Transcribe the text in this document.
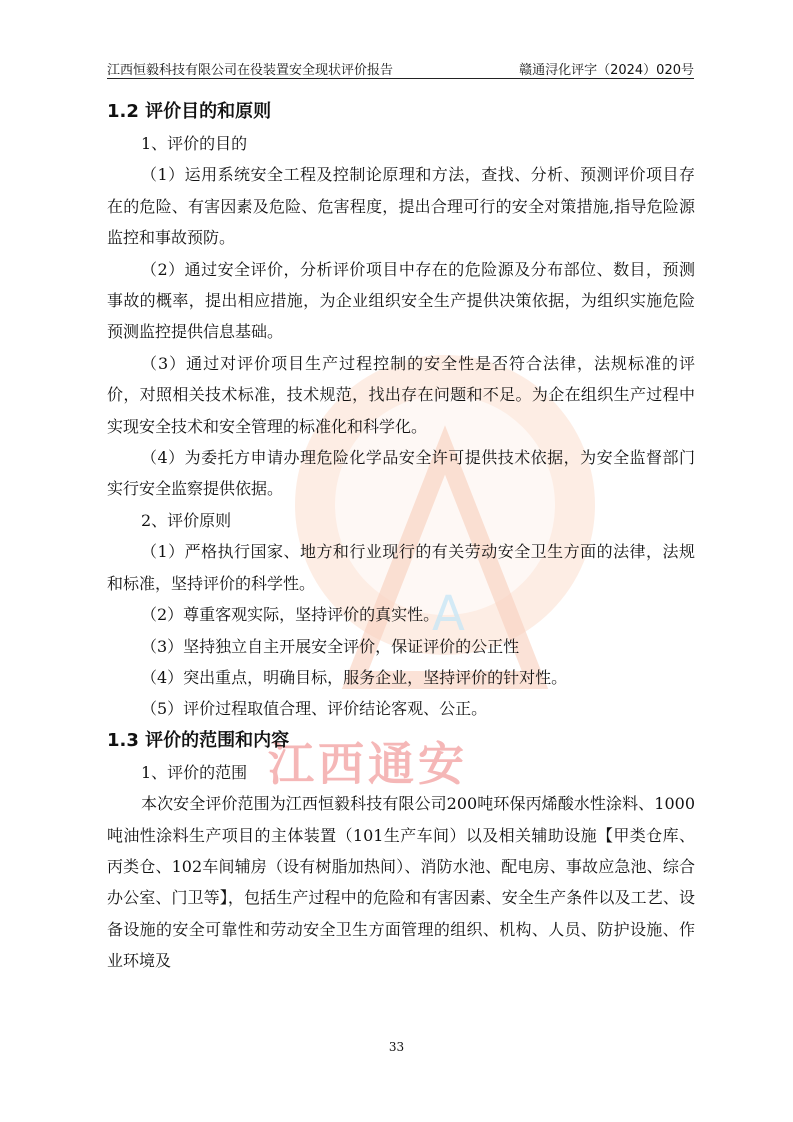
江西恒毅科技有限公司在役装置安全现状评价报告	赣通浔化评字（2024）020号
A
江西通安
1.2 评价目的和原则

1、评价的目的

（1）运用系统安全工程及控制论原理和方法，查找、分析、预测评价项目存在的危险、有害因素及危险、危害程度，提出合理可行的安全对策措施,指导危险源监控和事故预防。

（2）通过安全评价，分析评价项目中存在的危险源及分布部位、数目，预测事故的概率，提出相应措施，为企业组织安全生产提供决策依据，为组织实施危险预测监控提供信息基础。

（3）通过对评价项目生产过程控制的安全性是否符合法律，法规标准的评价，对照相关技术标准，技术规范，找出存在问题和不足。为企在组织生产过程中实现安全技术和安全管理的标准化和科学化。

（4）为委托方申请办理危险化学品安全许可提供技术依据，为安全监督部门实行安全监察提供依据。

2、评价原则

（1）严格执行国家、地方和行业现行的有关劳动安全卫生方面的法律，法规和标准，坚持评价的科学性。

（2）尊重客观实际，坚持评价的真实性。

（3）坚持独立自主开展安全评价，保证评价的公正性

（4）突出重点，明确目标，服务企业，坚持评价的针对性。

（5）评价过程取值合理、评价结论客观、公正。

1.3 评价的范围和内容

1、评价的范围

本次安全评价范围为江西恒毅科技有限公司200吨环保丙烯酸水性涂料、1000吨油性涂料生产项目的主体装置（101生产车间）以及相关辅助设施【甲类仓库、丙类仓、102车间辅房（设有树脂加热间）、消防水池、配电房、事故应急池、综合办公室、门卫等】，包括生产过程中的危险和有害因素、安全生产条件以及工艺、设备设施的安全可靠性和劳动安全卫生方面管理的组织、机构、人员、防护设施、作业环境及

33
